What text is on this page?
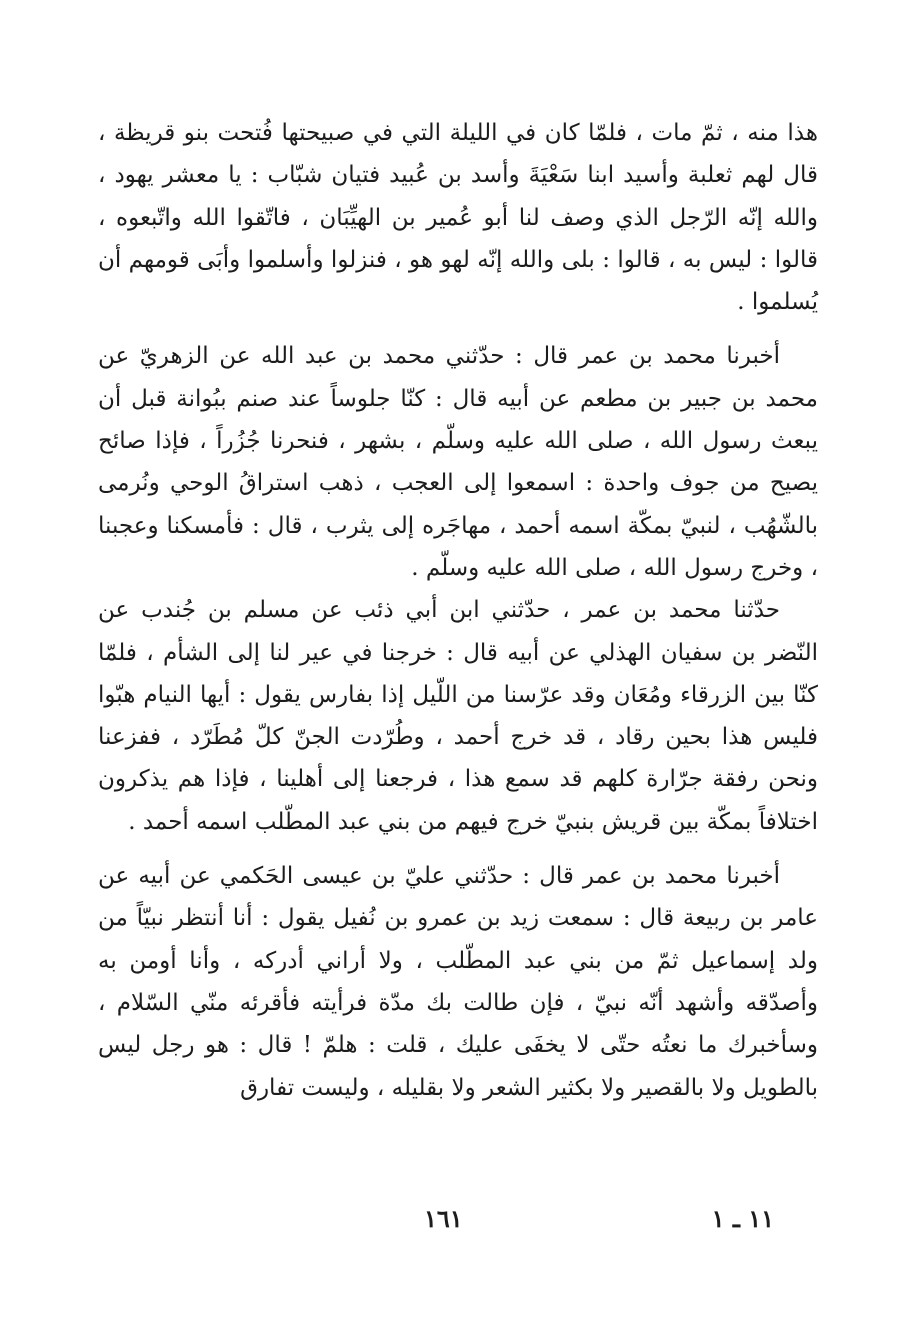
هذا منه ، ثمّ مات ، فلمّا كان في الليلة التي في صبيحتها فُتحت بنو قريظة ، قال لهم ثعلبة وأسيد ابنا سَعْيَةَ وأسد بن عُبيد فتيان شبّاب : يا معشر يهود ، والله إنّه الرّجل الذي وصف لنا أبو عُمير بن الهيِّبَان ، فاتّقوا الله واتّبعوه ، قالوا : ليس به ، قالوا : بلى والله إنّه لهو هو ، فنزلوا وأسلموا وأبَى قومهم أن يُسلموا .

أخبرنا محمد بن عمر قال : حدّثني محمد بن عبد الله عن الزهريّ عن محمد بن جبير بن مطعم عن أبيه قال : كنّا جلوساً عند صنم ببُوانة قبل أن يبعث رسول الله ، صلى الله عليه وسلّم ، بشهر ، فنحرنا جُزُراً ، فإذا صائح يصيح من جوف واحدة : اسمعوا إلى العجب ، ذهب استراقُ الوحي ونُرمى بالشّهُب ، لنبيّ بمكّة اسمه أحمد ، مهاجَره إلى يثرب ، قال : فأمسكنا وعجبنا ، وخرج رسول الله ، صلى الله عليه وسلّم .

حدّثنا محمد بن عمر ، حدّثني ابن أبي ذئب عن مسلم بن جُندب عن النّضر بن سفيان الهذلي عن أبيه قال : خرجنا في عير لنا إلى الشأم ، فلمّا كنّا بين الزرقاء ومُعَان وقد عرّسنا من اللّيل إذا بفارس يقول : أيها النيام هبّوا فليس هذا بحين رقاد ، قد خرج أحمد ، وطُرّدت الجنّ كلّ مُطَرّد ، ففزعنا ونحن رفقة جرّارة كلهم قد سمع هذا ، فرجعنا إلى أهلينا ، فإذا هم يذكرون اختلافاً بمكّة بين قريش بنبيّ خرج فيهم من بني عبد المطّلب اسمه أحمد .

أخبرنا محمد بن عمر قال : حدّثني عليّ بن عيسى الحَكمي عن أبيه عن عامر بن ربيعة قال : سمعت زيد بن عمرو بن نُفيل يقول : أنا أنتظر نبيّاً من ولد إسماعيل ثمّ من بني عبد المطّلب ، ولا أراني أدركه ، وأنا أومن به وأصدّقه وأشهد أنّه نبيّ ، فإن طالت بك مدّة فرأيته فأقرئه منّي السّلام ، وسأخبرك ما نعتُه حتّى لا يخفَى عليك ، قلت : هلمّ ! قال : هو رجل ليس بالطويل ولا بالقصير ولا بكثير الشعر ولا بقليله ، وليست تفارق

١١ ـ ١
١٦١
